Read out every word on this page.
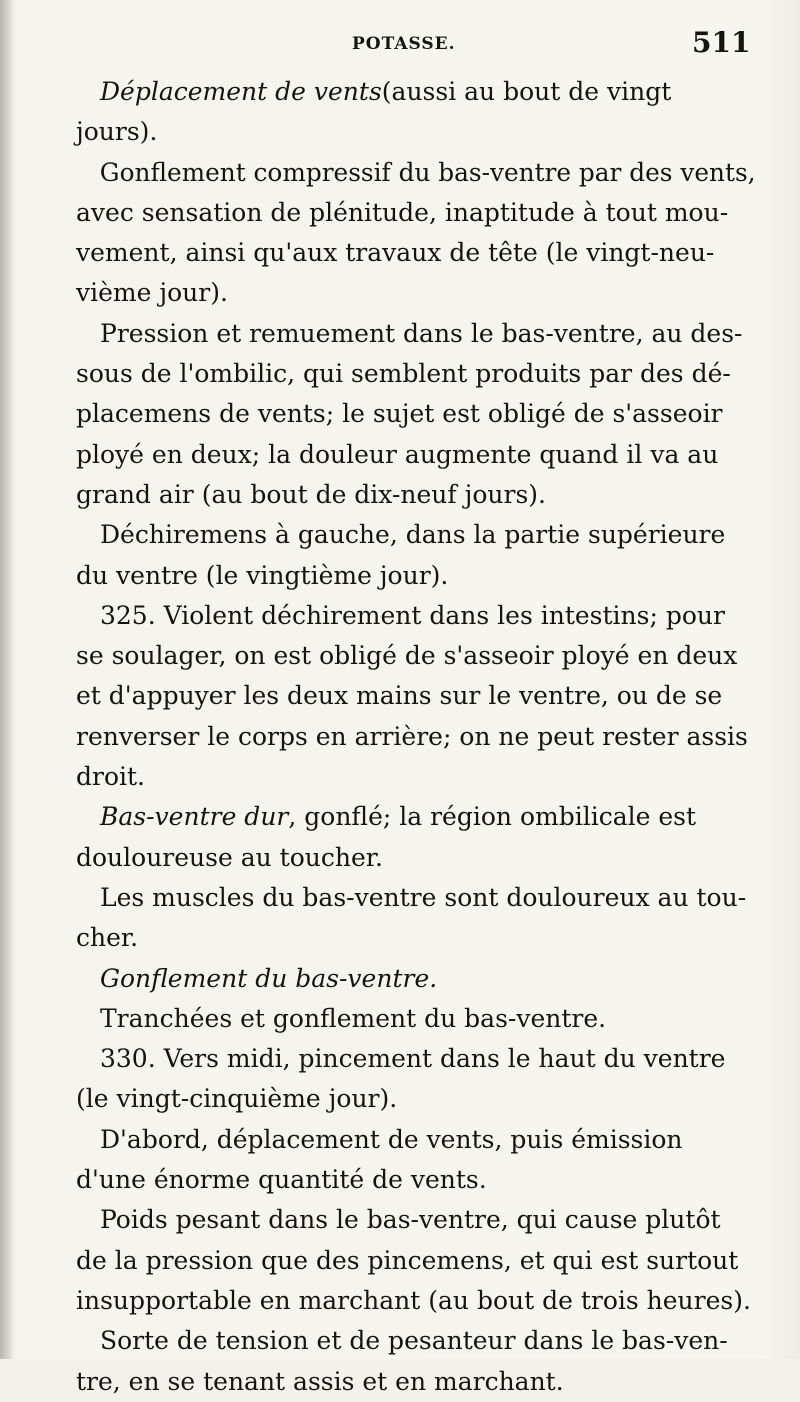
POTASSE.	511
Déplacement de vents(aussi au bout de vingt
jours).
Gonflement compressif du bas-ventre par des vents,
avec sensation de plénitude, inaptitude à tout mou-
vement, ainsi qu'aux travaux de tête (le vingt-neu-
vième jour).
Pression et remuement dans le bas-ventre, au des-
sous de l'ombilic, qui semblent produits par des dé-
placemens de vents; le sujet est obligé de s'asseoir
ployé en deux; la douleur augmente quand il va au
grand air (au bout de dix-neuf jours).
Déchiremens à gauche, dans la partie supérieure
du ventre (le vingtième jour).
325. Violent déchirement dans les intestins; pour
se soulager, on est obligé de s'asseoir ployé en deux
et d'appuyer les deux mains sur le ventre, ou de se
renverser le corps en arrière; on ne peut rester assis
droit.
Bas-ventre dur, gonflé; la région ombilicale est
douloureuse au toucher.
Les muscles du bas-ventre sont douloureux au tou-
cher.
Gonflement du bas-ventre.
Tranchées et gonflement du bas-ventre.
330. Vers midi, pincement dans le haut du ventre
(le vingt-cinquième jour).
D'abord, déplacement de vents, puis émission
d'une énorme quantité de vents.
Poids pesant dans le bas-ventre, qui cause plutôt
de la pression que des pincemens, et qui est surtout
insupportable en marchant (au bout de trois heures).
Sorte de tension et de pesanteur dans le bas-ven-
tre, en se tenant assis et en marchant.
